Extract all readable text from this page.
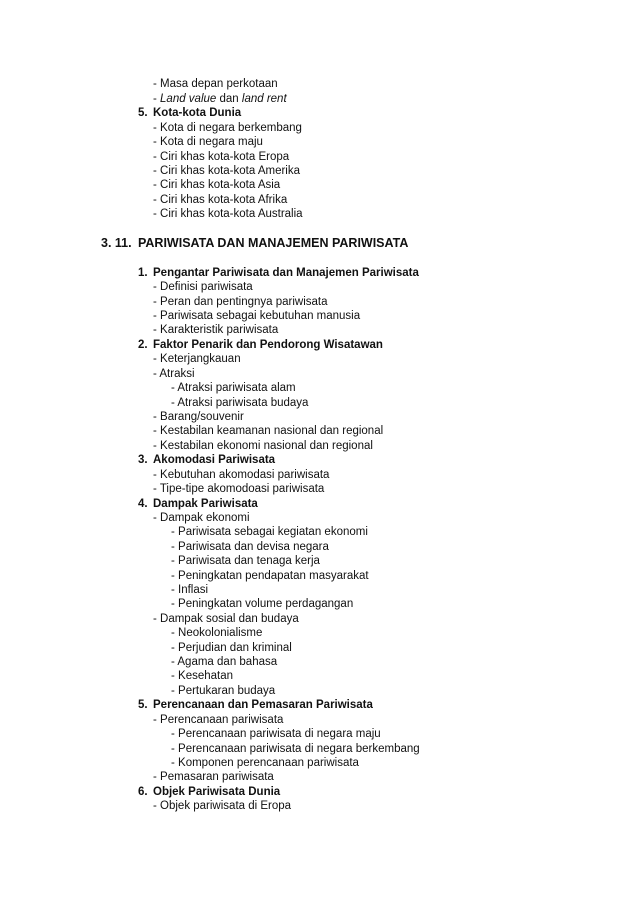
- Masa depan perkotaan
- Land value dan land rent
5. Kota-kota Dunia
- Kota di negara berkembang
- Kota di negara maju
- Ciri khas kota-kota Eropa
- Ciri khas kota-kota Amerika
- Ciri khas kota-kota Asia
- Ciri khas kota-kota Afrika
- Ciri khas kota-kota Australia
3. 11. PARIWISATA DAN MANAJEMEN PARIWISATA
1. Pengantar Pariwisata dan Manajemen Pariwisata
- Definisi pariwisata
- Peran dan pentingnya pariwisata
- Pariwisata sebagai kebutuhan manusia
- Karakteristik pariwisata
2. Faktor Penarik dan Pendorong Wisatawan
- Keterjangkauan
- Atraksi
- Atraksi pariwisata alam
- Atraksi pariwisata budaya
- Barang/souvenir
- Kestabilan keamanan nasional dan regional
- Kestabilan ekonomi nasional dan regional
3. Akomodasi Pariwisata
- Kebutuhan akomodasi pariwisata
- Tipe-tipe akomodoasi pariwisata
4. Dampak Pariwisata
- Dampak ekonomi
- Pariwisata sebagai kegiatan ekonomi
- Pariwisata dan devisa negara
- Pariwisata dan tenaga kerja
- Peningkatan pendapatan masyarakat
- Inflasi
- Peningkatan volume perdagangan
- Dampak sosial dan budaya
- Neokolonialisme
- Perjudian dan kriminal
- Agama dan bahasa
- Kesehatan
- Pertukaran budaya
5. Perencanaan dan Pemasaran Pariwisata
- Perencanaan pariwisata
- Perencanaan pariwisata di negara maju
- Perencanaan pariwisata di negara berkembang
- Komponen perencanaan pariwisata
- Pemasaran pariwisata
6. Objek Pariwisata Dunia
- Objek pariwisata di Eropa
